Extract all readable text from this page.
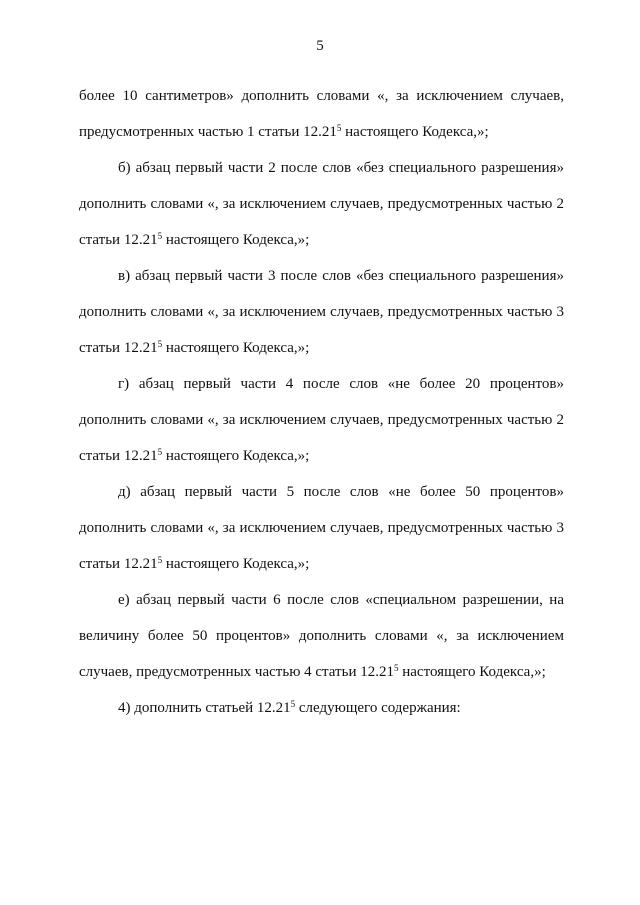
5

более 10 сантиметров» дополнить словами «, за исключением случаев, предусмотренных частью 1 статьи 12.21$^5$ настоящего Кодекса,»;

б) абзац первый части 2 после слов «без специального разрешения» дополнить словами «, за исключением случаев, предусмотренных частью 2 статьи 12.21$^5$ настоящего Кодекса,»;

в) абзац первый части 3 после слов «без специального разрешения» дополнить словами «, за исключением случаев, предусмотренных частью 3 статьи 12.21$^5$ настоящего Кодекса,»;

г) абзац первый части 4 после слов «не более 20 процентов» дополнить словами «, за исключением случаев, предусмотренных частью 2 статьи 12.21$^5$ настоящего Кодекса,»;

д) абзац первый части 5 после слов «не более 50 процентов» дополнить словами «, за исключением случаев, предусмотренных частью 3 статьи 12.21$^5$ настоящего Кодекса,»;

е) абзац первый части 6 после слов «специальном разрешении, на величину более 50 процентов» дополнить словами «, за исключением случаев, предусмотренных частью 4 статьи 12.21$^5$ настоящего Кодекса,»;

4) дополнить статьей 12.21$^5$ следующего содержания:
